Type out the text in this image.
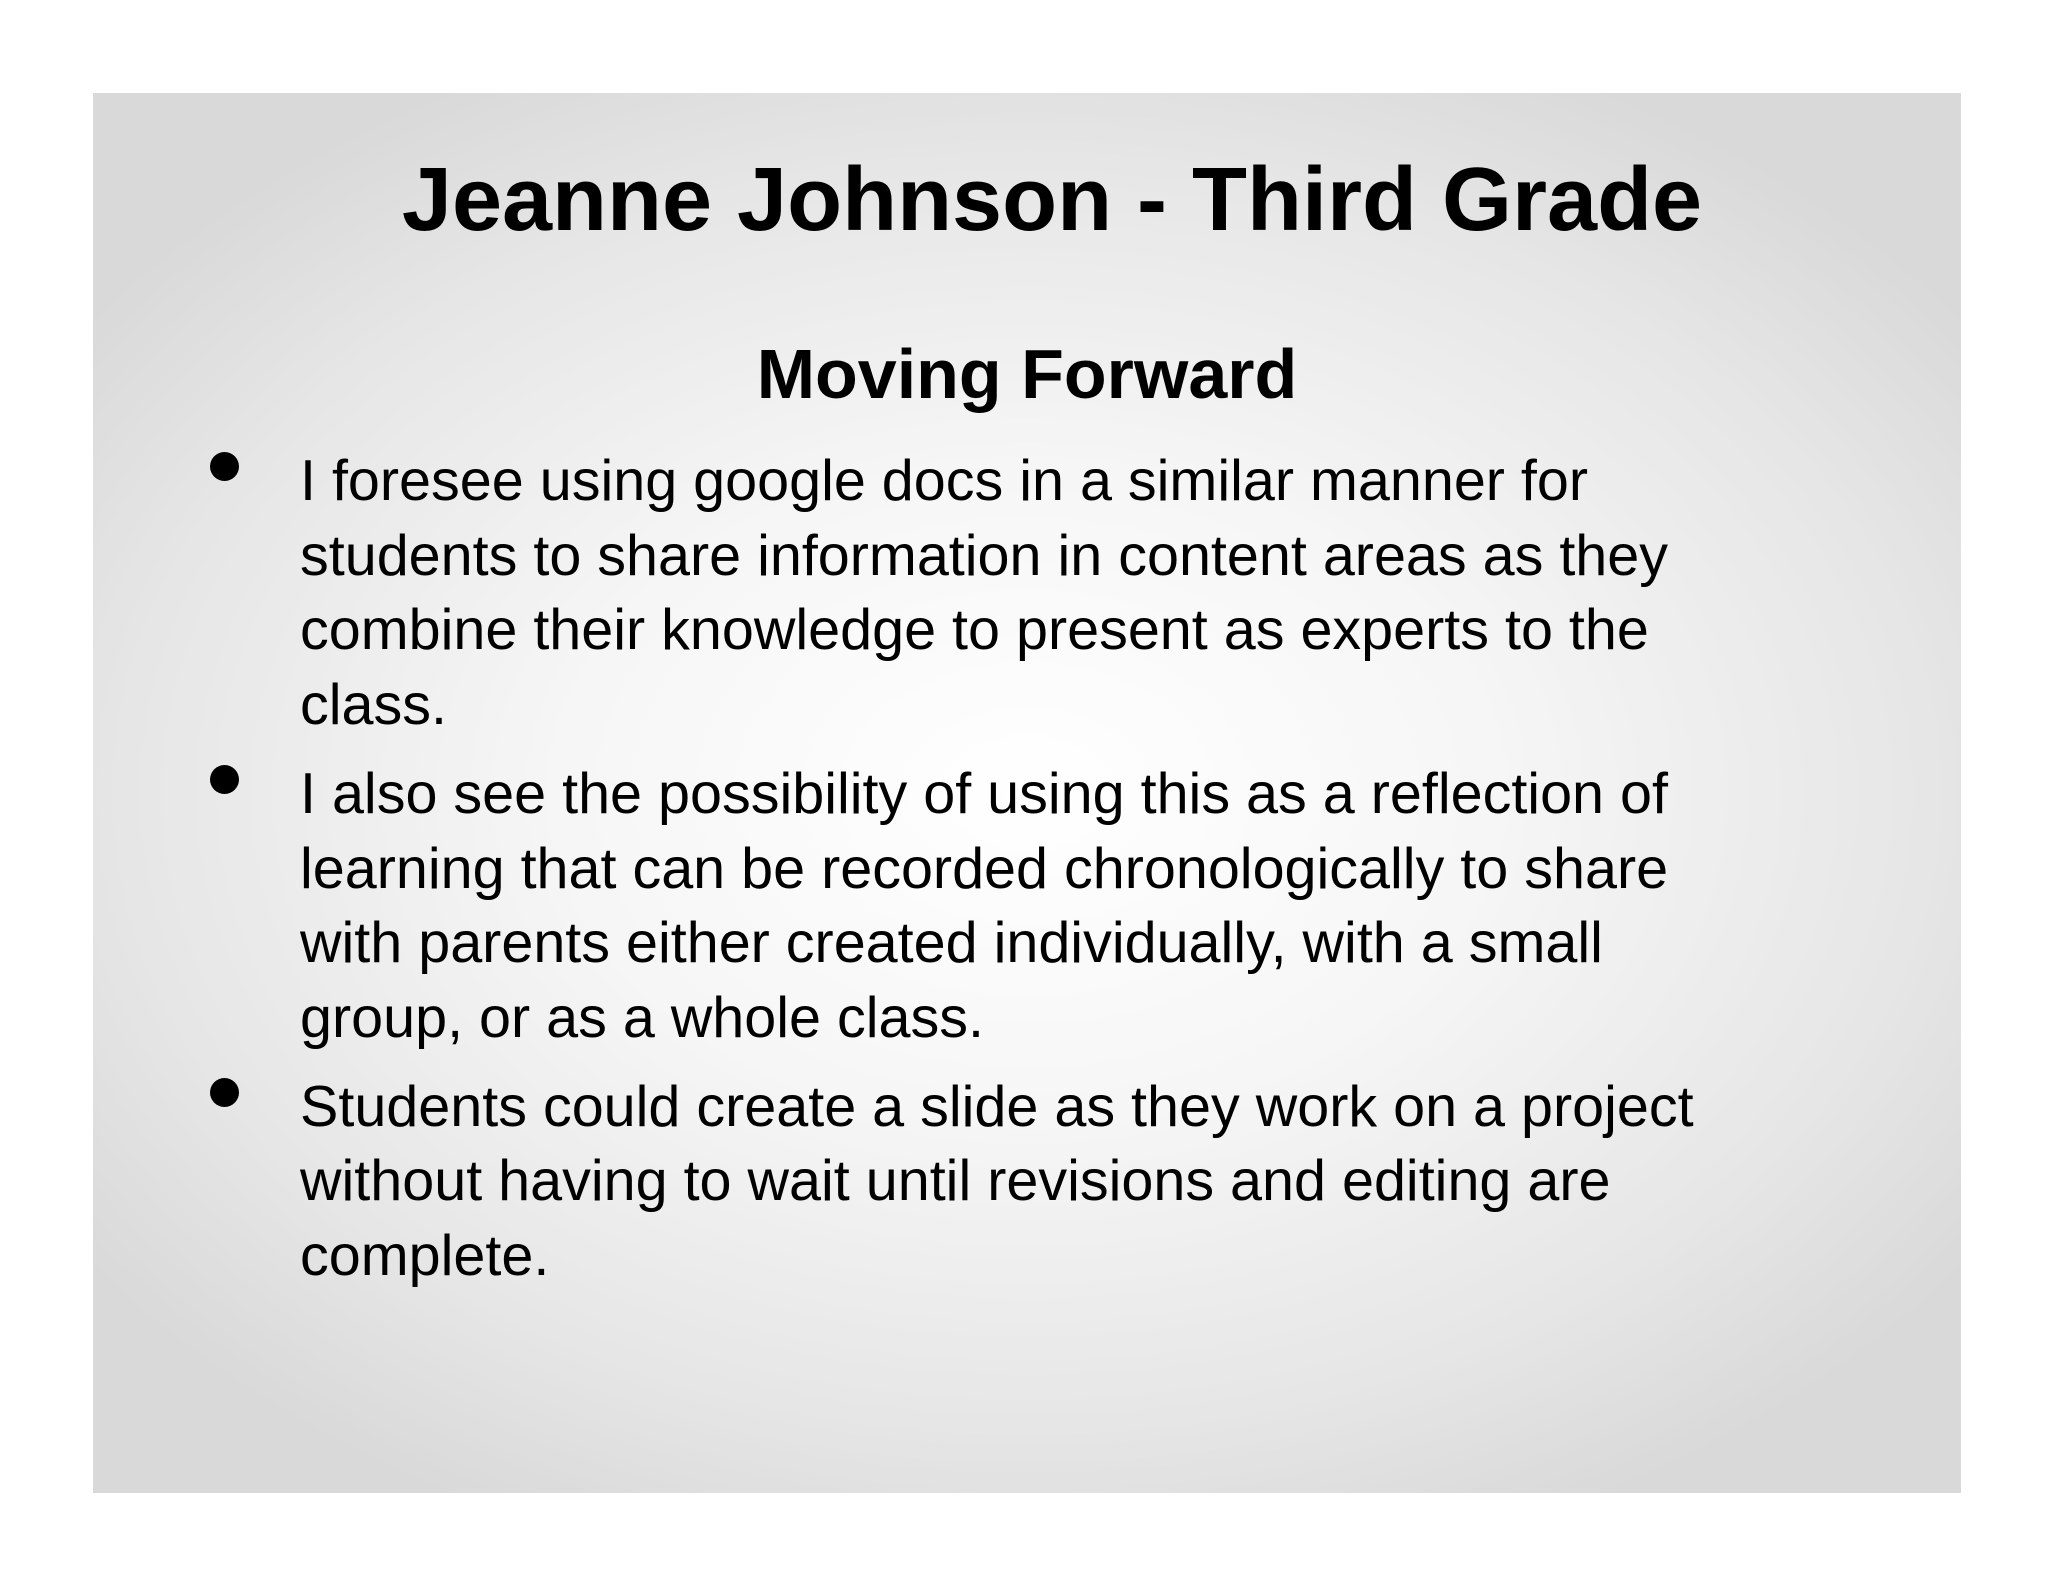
Jeanne Johnson - Third Grade
Moving Forward
I foresee using google docs in a similar manner for
students to share information in content areas as they
combine their knowledge to present as experts to the
class.
I also see the possibility of using this as a reflection of
learning that can be recorded chronologically to share
with parents either created individually, with a small
group, or as a whole class.
Students could create a slide as they work on a project
without having to wait until revisions and editing are
complete.
